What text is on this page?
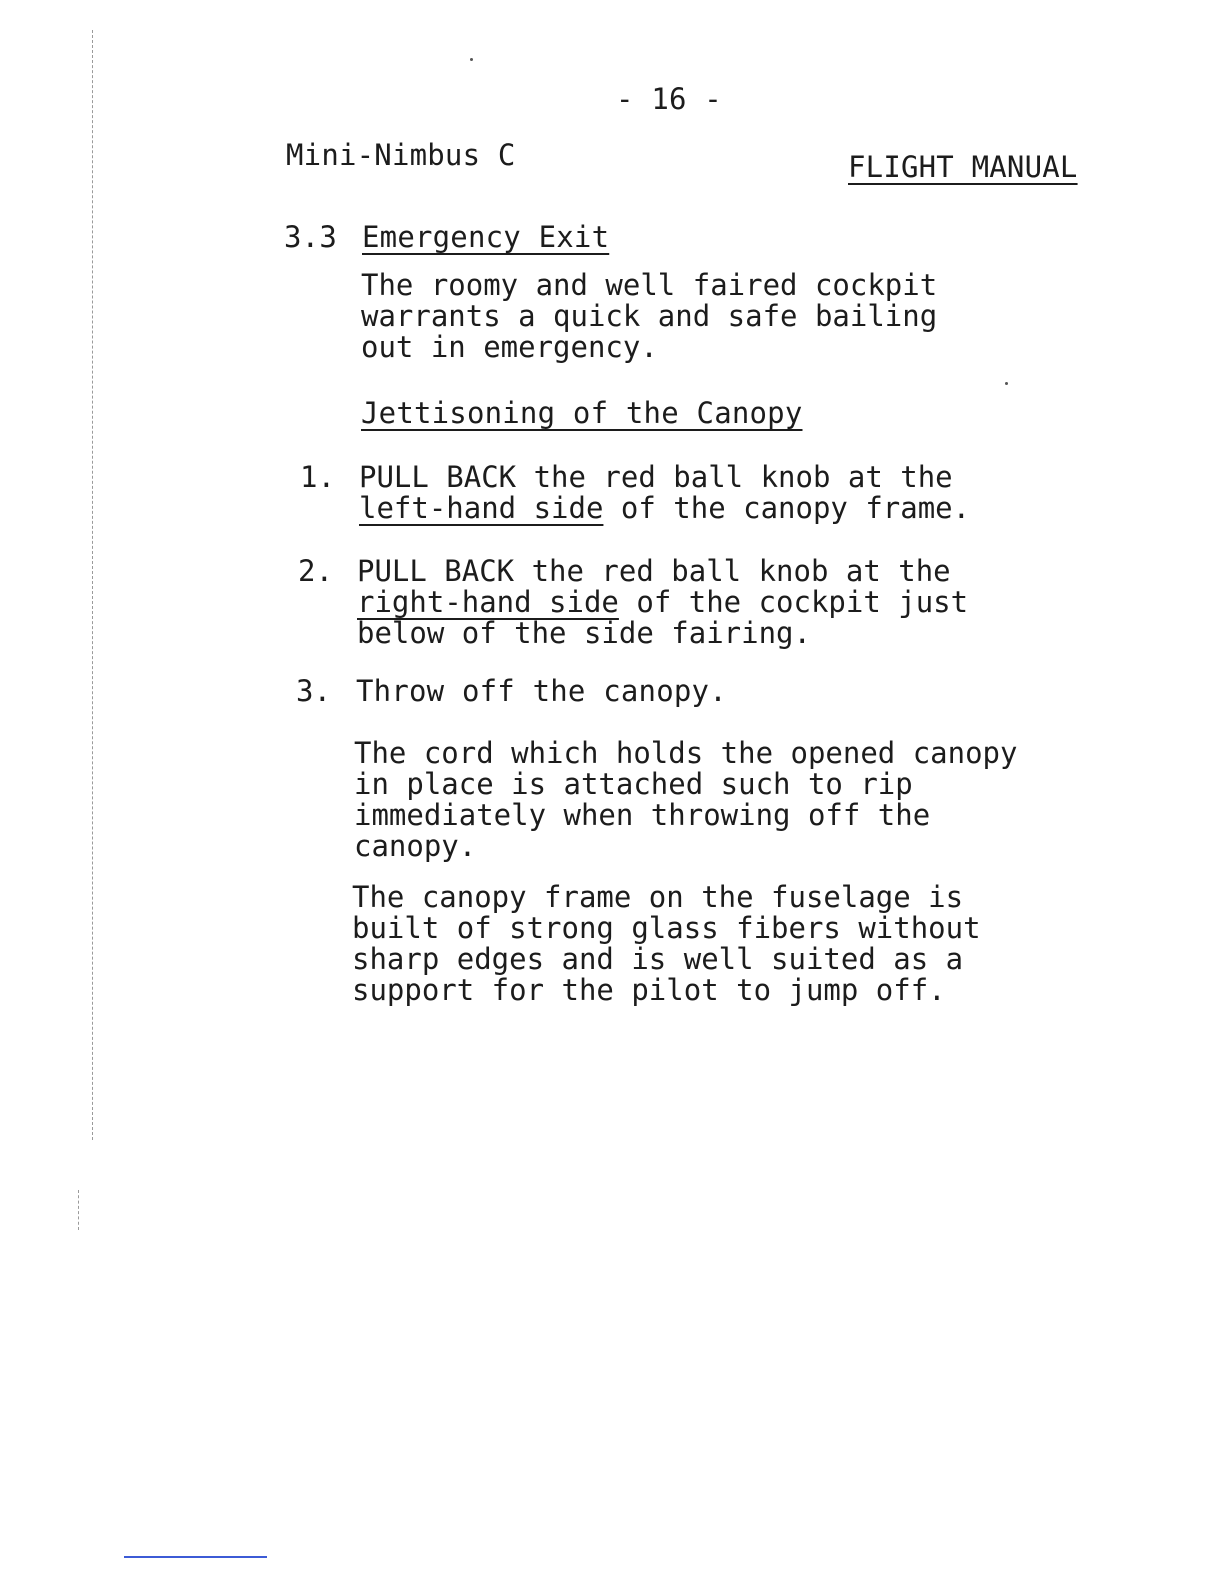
- 16 -
Mini-Nimbus C	FLIGHT MANUAL
3.3 Emergency Exit
The roomy and well faired cockpit
warrants a quick and safe bailing
out in emergency.
Jettisoning of the Canopy
1. PULL BACK the red ball knob at the
left-hand side of the canopy frame.
2. PULL BACK the red ball knob at the
right-hand side of the cockpit just
below of the side fairing.
3. Throw off the canopy.
The cord which holds the opened canopy
in place is attached such to rip
immediately when throwing off the
canopy.
The canopy frame on the fuselage is
built of strong glass fibers without
sharp edges and is well suited as a
support for the pilot to jump off.
